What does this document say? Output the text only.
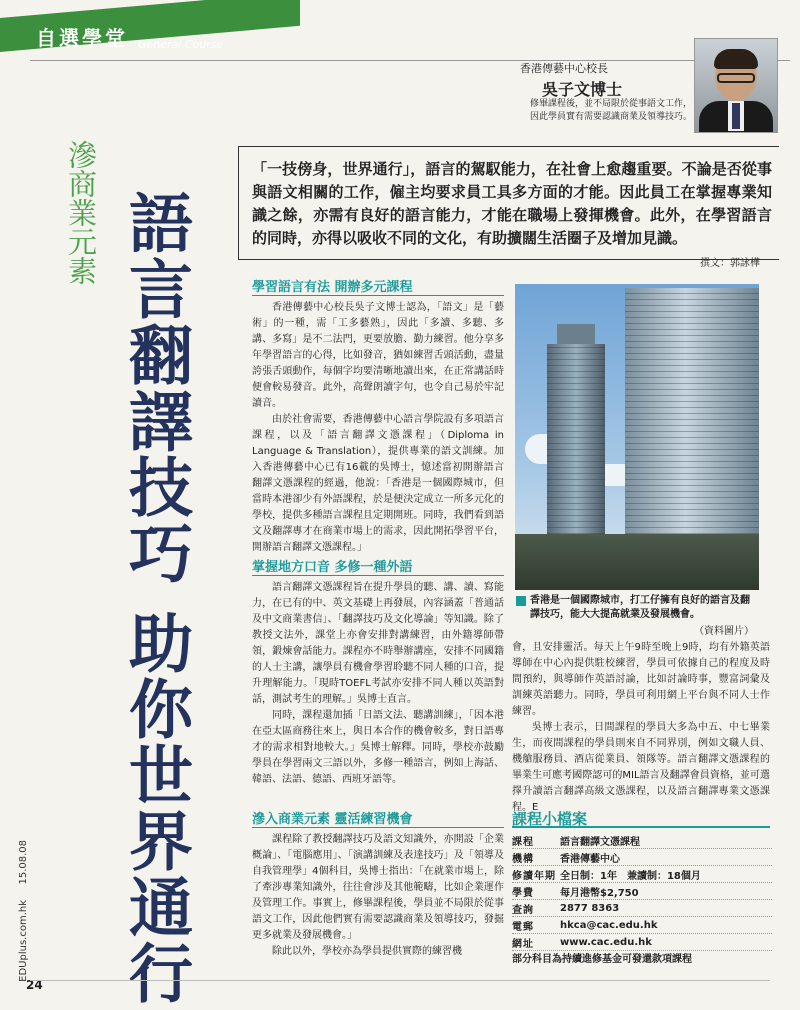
自選學堂 General Course
香港傳藝中心校長
吳子文博士
修畢課程後，並不局限於從事語文工作，因此學員實有需要認識商業及領導技巧。
滲商業元素 語言翻譯技巧 助你世界通行
「一技傍身，世界通行」，語言的駕馭能力，在社會上愈趨重要。不論是否從事與語文相關的工作，僱主均要求員工具多方面的才能。因此員工在掌握專業知識之餘，亦需有良好的語言能力，才能在職場上發揮機會。此外，在學習語言的同時，亦得以吸收不同的文化，有助擴闊生活圈子及增加見識。
撰文：郭詠樺
學習語言有法 開辦多元課程

香港傳藝中心校長吳子文博士認為，「語文」是「藝術」的一種，需「工多藝熟」，因此「多讀、多聽、多講、多寫」是不二法門，更要放膽、勤力練習。他分享多年學習語言的心得，比如發音，猶如練習舌頭活動，盡量誇張舌頭動作，每個字均要清晰地讀出來，在正常講話時便會較易發音。此外，高聲朗讀字句，也令自己易於牢記讀音。

由於社會需要，香港傳藝中心語言學院設有多項語言課程，以及「語言翻譯文憑課程」（Diploma in Language & Translation），提供專業的語文訓練。加入香港傳藝中心已有16載的吳博士，憶述當初開辦語言翻譯文憑課程的經過，他說：「香港是一個國際城市，但當時本港卻少有外語課程，於是便決定成立一所多元化的學校，提供多種語言課程且定期開班。同時，我們看到語文及翻譯專才在商業市場上的需求，因此開拓學習平台，開辦語言翻譯文憑課程。」

掌握地方口音 多修一種外語

語言翻譯文憑課程旨在提升學員的聽、講、讀、寫能力，在已有的中、英文基礎上再發展，內容涵蓋「普通話及中文商業書信」、「翻譯技巧及文化導論」等知識。除了教授文法外，課堂上亦會安排對講練習，由外籍導師帶領，鍛煉會話能力。課程亦不時舉辦講座，安排不同國籍的人士主講，讓學員有機會學習聆聽不同人種的口音，提升理解能力。「現時TOEFL考試亦安排不同人種以英語對話，測試考生的理解。」吳博士直言。

同時，課程還加插「日語文法、聽講訓練」，「因本港在亞太區商務往來上，與日本合作的機會較多，對日語專才的需求相對地較大。」吳博士解釋。同時，學校亦鼓勵學員在學習兩文三語以外，多修一種語言，例如上海話、韓語、法語、德語、西班牙語等。

滲入商業元素 靈活練習機會

課程除了教授翻譯技巧及語文知識外，亦開設「企業概論」、「電腦應用」、「演講訓練及表達技巧」及「領導及自我管理學」4個科目，吳博士指出：「在就業市場上，除了牽涉專業知識外，往往會涉及其他範疇，比如企業運作及管理工作。事實上，修畢課程後，學員並不局限於從事語文工作，因此他們實有需要認識商業及領導技巧，發掘更多就業及發展機會。」

除此以外，學校亦為學員提供實際的練習機

香港是一個國際城市，打工仔擁有良好的語言及翻譯技巧，能大大提高就業及發展機會。
（資料圖片）

會，且安排靈活。每天上午9時至晚上9時，均有外籍英語導師在中心內提供駐校練習，學員可依據自己的程度及時間預約，與導師作英語討論，比如討論時事，豐富詞彙及訓練英語聽力。同時，學員可利用網上平台與不同人士作練習。

吳博士表示，日間課程的學員大多為中五、中七畢業生，而夜間課程的學員則來自不同界別，例如文職人員、機艙服務員、酒店從業員、領隊等。語言翻譯文憑課程的畢業生可應考國際認可的MIL語言及翻譯會員資格，並可選擇升讀語言翻譯高級文憑課程，以及語言翻譯專業文憑課程。E

課程小檔案
課程	語言翻譯文憑課程
機構	香港傳藝中心
修讀年期 全日制：1年　兼讀制：18個月
學費	每月港幣$2,750
查詢	2877 8363
電郵	hkca@cac.edu.hk
網址	www.cac.edu.hk
部分科目為持續進修基金可發還款項課程
15.08.08
EDUplus.com.hk
24
